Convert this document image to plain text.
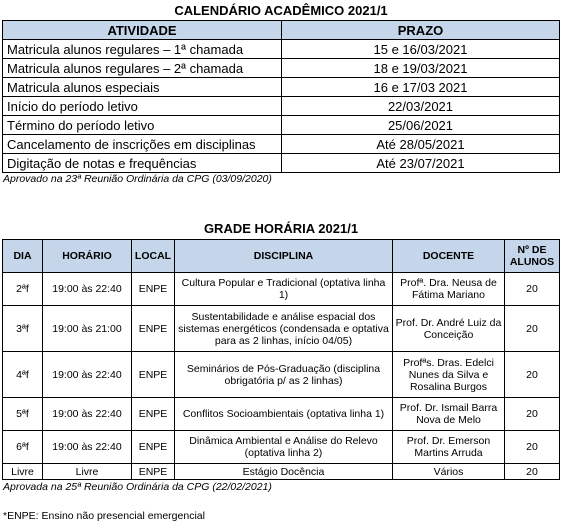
CALENDÁRIO ACADÊMICO 2021/1
ATIVIDADE	PRAZO
Matricula alunos regulares – 1ª chamada	15 e 16/03/2021
Matricula alunos regulares – 2ª chamada	18 e 19/03/2021
Matricula alunos especiais	16 e 17/03 2021
Início do período letivo	22/03/2021
Término do período letivo	25/06/2021
Cancelamento de inscrições em disciplinas	Até 28/05/2021
Digitação de notas e frequências	Até 23/07/2021
Aprovado na 23ª Reunião Ordinária da CPG (03/09/2020)
GRADE HORÁRIA 2021/1
DIA	HORÁRIO	LOCAL	DISCIPLINA	DOCENTE	Nº DE ALUNOS
2ªf	19:00 às 22:40	ENPE	Cultura Popular e Tradicional (optativa linha 1)	Profª. Dra. Neusa de Fátima Mariano	20
3ªf	19:00 às 21:00	ENPE	Sustentabilidade e análise espacial dos sistemas energéticos (condensada e optativa para as 2 linhas, início 04/05)	Prof. Dr. André Luiz da Conceição	20
4ªf	19:00 às 22:40	ENPE	Seminários de Pós-Graduação (disciplina obrigatória p/ as 2 linhas)	Profªs. Dras. Edelci Nunes da Silva e Rosalina Burgos	20
5ªf	19:00 às 22:40	ENPE	Conflitos Socioambientais (optativa linha 1)	Prof. Dr. Ismail Barra Nova de Melo	20
6ªf	19:00 às 22:40	ENPE	Dinâmica Ambiental e Análise do Relevo (optativa linha 2)	Prof. Dr. Emerson Martins Arruda	20
Livre	Livre	ENPE	Estágio Docência	Vários	20
Aprovada na 25ª Reunião Ordinária da CPG (22/02/2021)
*ENPE: Ensino não presencial emergencial
